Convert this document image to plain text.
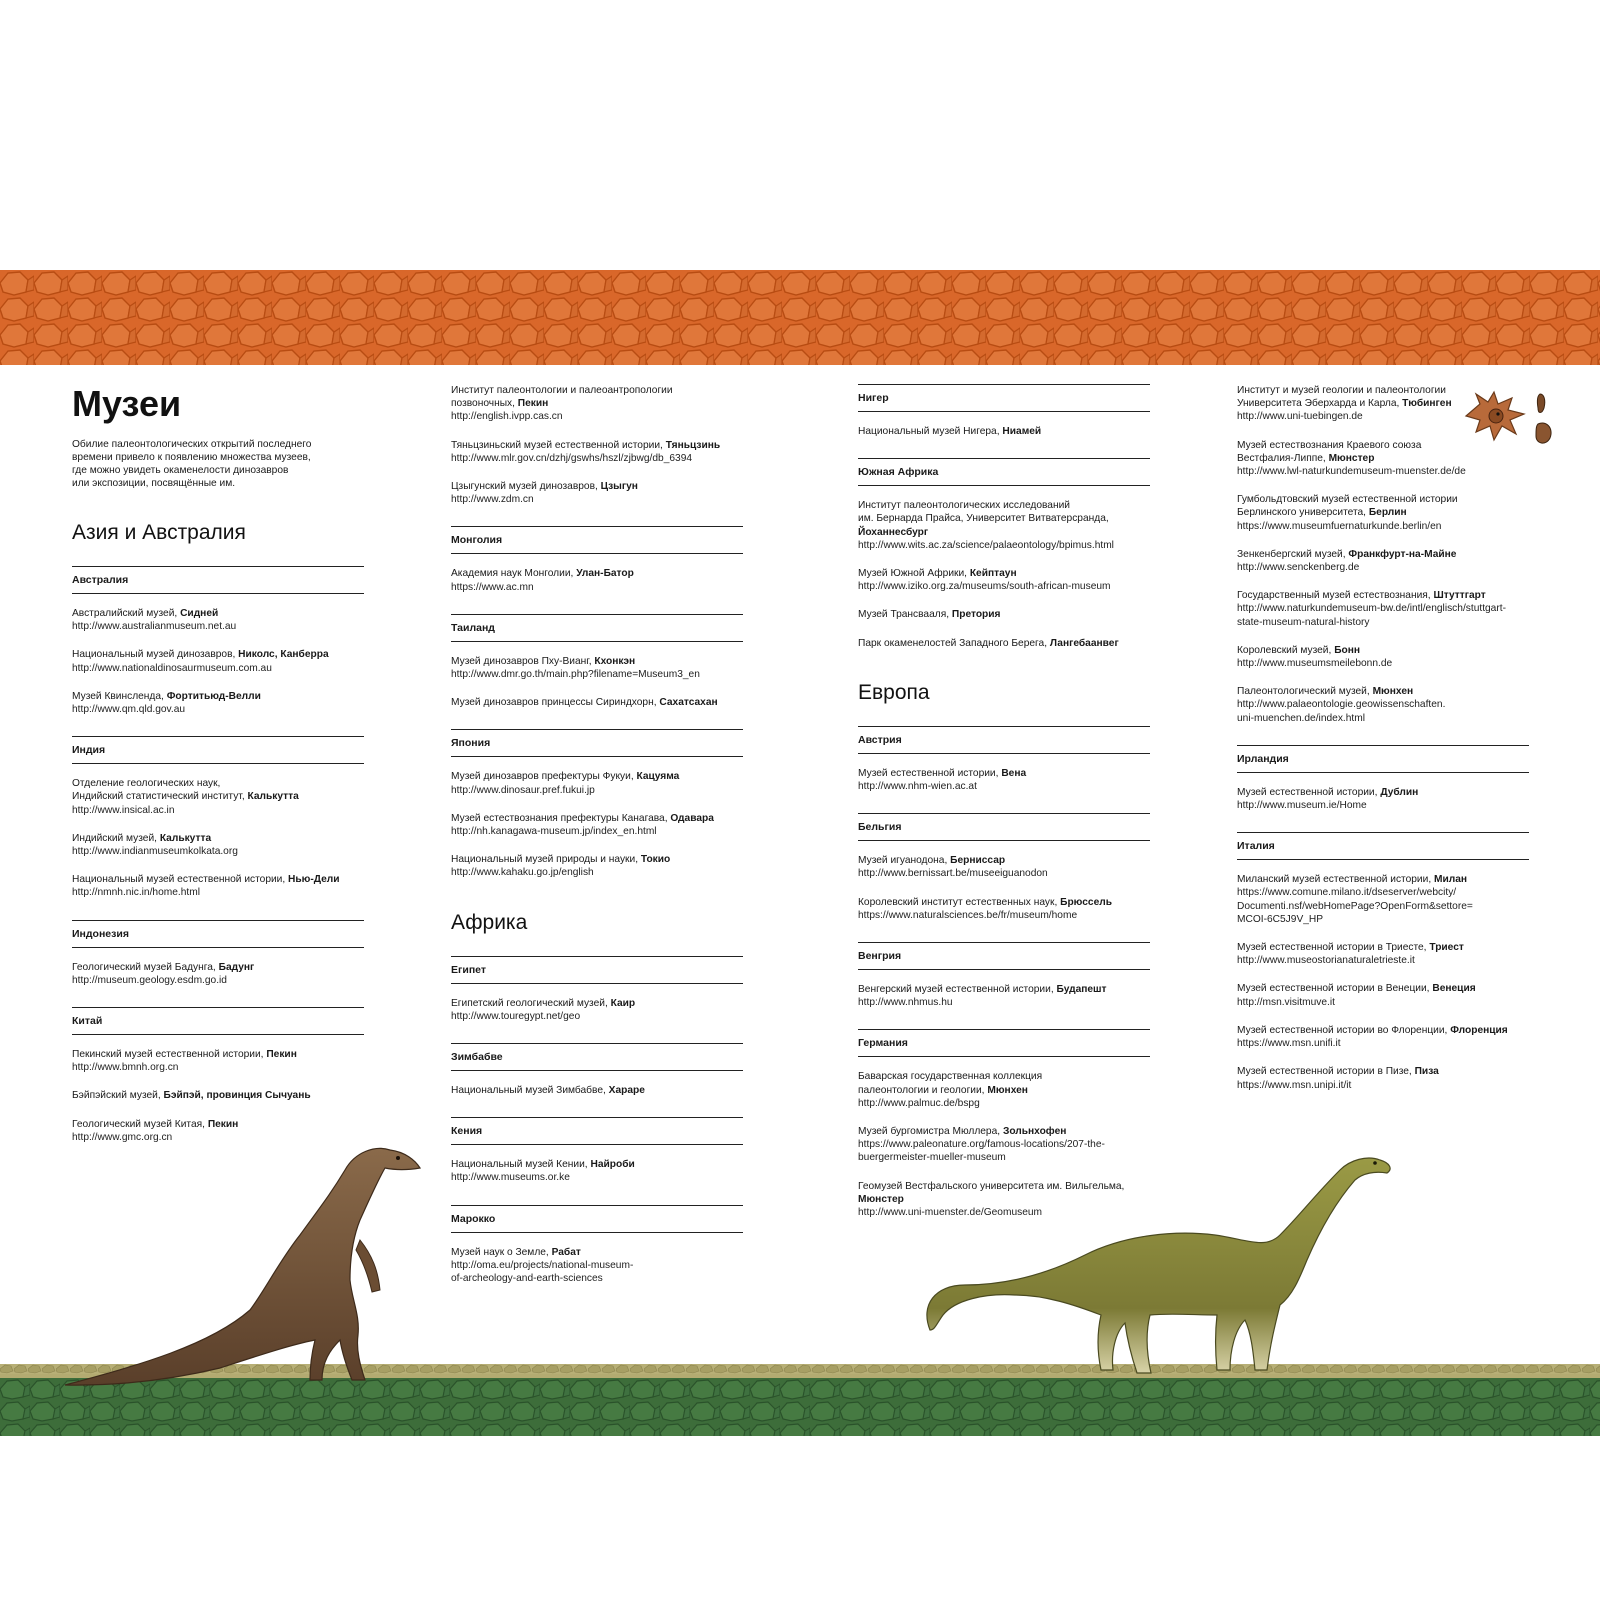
Музеи
Обилие палеонтологических открытий последнего
времени привело к появлению множества музеев,
где можно увидеть окаменелости динозавров
или экспозиции, посвящённые им.
Азия и Австралия
Австралия
Австралийский музей, Сидней
http://www.australianmuseum.net.au
Национальный музей динозавров, Николс, Канберра
http://www.nationaldinosaurmuseum.com.au
Музей Квинсленда, Фортитьюд-Велли
http://www.qm.qld.gov.au
Индия
Отделение геологических наук,
Индийский статистический институт, Калькутта
http://www.insical.ac.in
Индийский музей, Калькутта
http://www.indianmuseumkolkata.org
Национальный музей естественной истории, Нью-Дели
http://nmnh.nic.in/home.html
Индонезия
Геологический музей Бадунга, Бадунг
http://museum.geology.esdm.go.id
Китай
Пекинский музей естественной истории, Пекин
http://www.bmnh.org.cn
Бэйпэйский музей, Бэйпэй, провинция Сычуань
Геологический музей Китая, Пекин
http://www.gmc.org.cn
Институт палеонтологии и палеоантропологии
позвоночных, Пекин
http://english.ivpp.cas.cn
Тяньцзиньский музей естественной истории, Тяньцзинь
http://www.mlr.gov.cn/dzhj/gswhs/hszl/zjbwg/db_6394
Цзыгунский музей динозавров, Цзыгун
http://www.zdm.cn
Монголия
Академия наук Монголии, Улан-Батор
https://www.ac.mn
Таиланд
Музей динозавров Пху-Вианг, Кхонкэн
http://www.dmr.go.th/main.php?filename=Museum3_en
Музей динозавров принцессы Сириндхорн, Сахатсахан
Япония
Музей динозавров префектуры Фукуи, Кацуяма
http://www.dinosaur.pref.fukui.jp
Музей естествознания префектуры Канагава, Одавара
http://nh.kanagawa-museum.jp/index_en.html
Национальный музей природы и науки, Токио
http://www.kahaku.go.jp/english
Африка
Египет
Египетский геологический музей, Каир
http://www.touregypt.net/geo
Зимбабве
Национальный музей Зимбабве, Хараре
Кения
Национальный музей Кении, Найроби
http://www.museums.or.ke
Марокко
Музей наук о Земле, Рабат
http://oma.eu/projects/national-museum-
of-archeology-and-earth-sciences
Нигер
Национальный музей Нигера, Ниамей
Южная Африка
Институт палеонтологических исследований
им. Бернарда Прайса, Университет Витватерсранда,
Йоханнесбург
http://www.wits.ac.za/science/palaeontology/bpimus.html
Музей Южной Африки, Кейптаун
http://www.iziko.org.za/museums/south-african-museum
Музей Трансвааля, Претория
Парк окаменелостей Западного Берега, Лангебаанвег
Европа
Австрия
Музей естественной истории, Вена
http://www.nhm-wien.ac.at
Бельгия
Музей игуанодона, Берниссар
http://www.bernissart.be/museeiguanodon
Королевский институт естественных наук, Брюссель
https://www.naturalsciences.be/fr/museum/home
Венгрия
Венгерский музей естественной истории, Будапешт
http://www.nhmus.hu
Германия
Баварская государственная коллекция
палеонтологии и геологии, Мюнхен
http://www.palmuc.de/bspg
Музей бургомистра Мюллера, Зольнхофен
https://www.paleonature.org/famous-locations/207-the-
buergermeister-mueller-museum
Геомузей Вестфальского университета им. Вильгельма,
Мюнстер
http://www.uni-muenster.de/Geomuseum
Институт и музей геологии и палеонтологии
Университета Эберхарда и Карла, Тюбинген
http://www.uni-tuebingen.de
Музей естествознания Краевого союза
Вестфалия-Липпе, Мюнстер
http://www.lwl-naturkundemuseum-muenster.de/de
Гумбольдтовский музей естественной истории
Берлинского университета, Берлин
https://www.museumfuernaturkunde.berlin/en
Зенкенбергский музей, Франкфурт-на-Майне
http://www.senckenberg.de
Государственный музей естествознания, Штуттгарт
http://www.naturkundemuseum-bw.de/intl/englisch/stuttgart-
state-museum-natural-history
Королевский музей, Бонн
http://www.museumsmeilebonn.de
Палеонтологический музей, Мюнхен
http://www.palaeontologie.geowissenschaften.
uni-muenchen.de/index.html
Ирландия
Музей естественной истории, Дублин
http://www.museum.ie/Home
Италия
Миланский музей естественной истории, Милан
https://www.comune.milano.it/dseserver/webcity/
Documenti.nsf/webHomePage?OpenForm&settore=
MCOI-6C5J9V_HP
Музей естественной истории в Триесте, Триест
http://www.museostorianaturaletrieste.it
Музей естественной истории в Венеции, Венеция
http://msn.visitmuve.it
Музей естественной истории во Флоренции, Флоренция
https://www.msn.unifi.it
Музей естественной истории в Пизе, Пиза
https://www.msn.unipi.it/it
